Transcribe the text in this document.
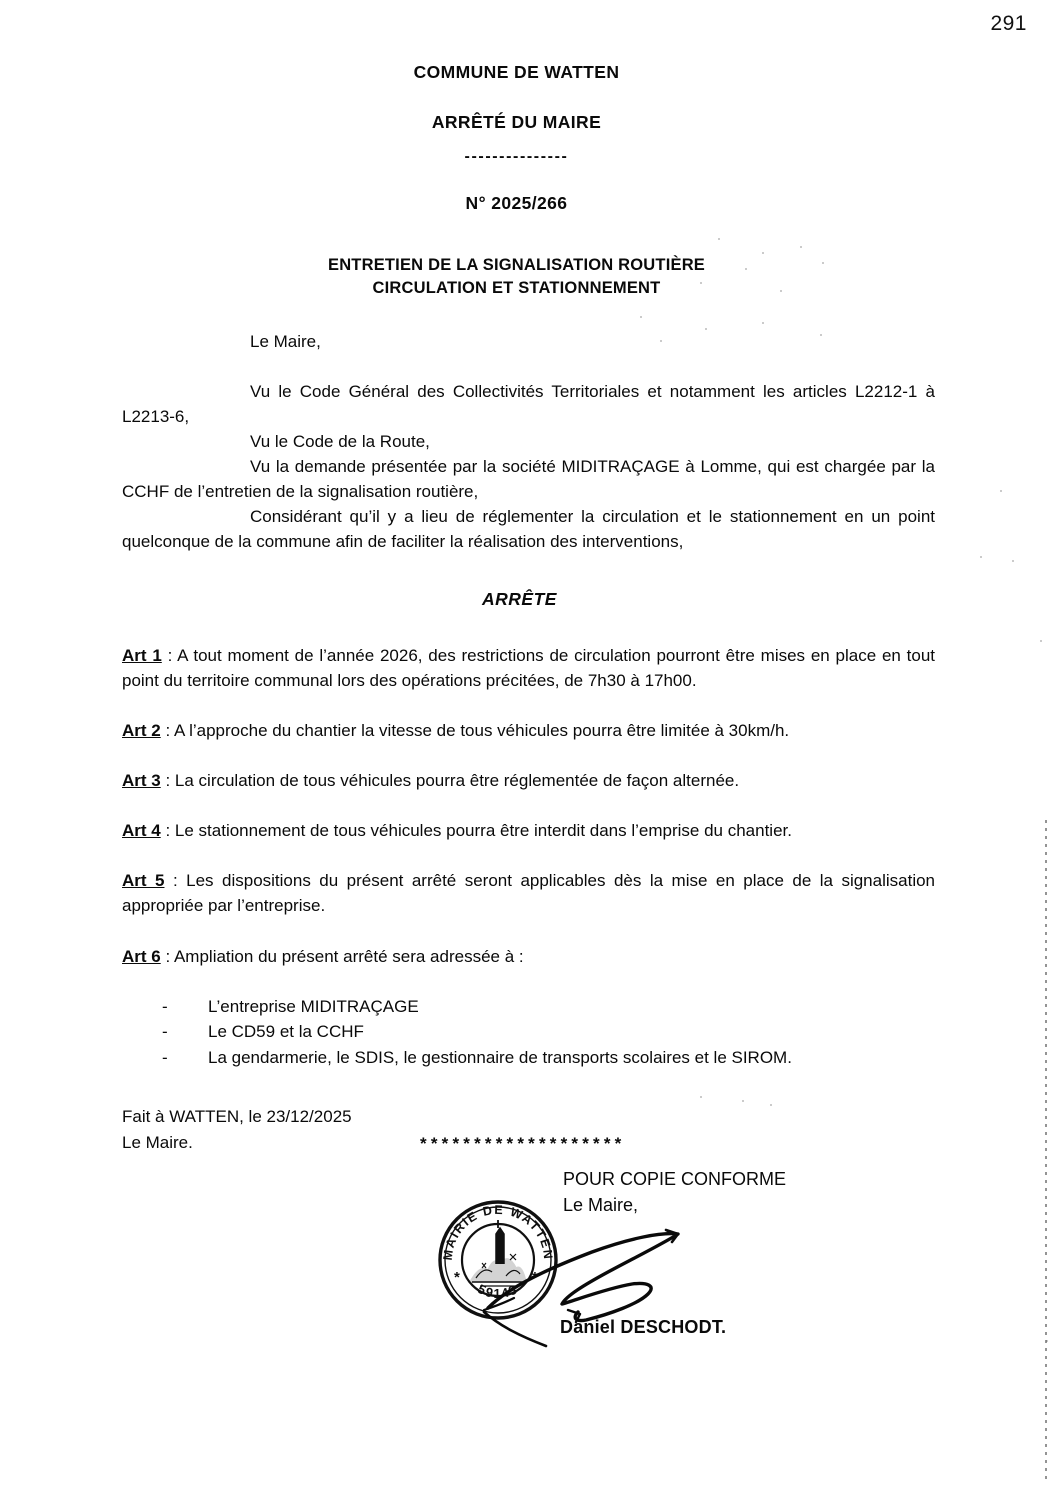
291
COMMUNE DE WATTEN
ARRÊTÉ DU MAIRE
---------------
N° 2025/266
ENTRETIEN DE LA SIGNALISATION ROUTIÈRE
CIRCULATION ET STATIONNEMENT
Le Maire,

Vu le Code Général des Collectivités Territoriales et notamment les articles L2212-1 à L2213-6,

Vu le Code de la Route,

Vu la demande présentée par la société MIDITRAÇAGE à Lomme, qui est chargée par la CCHF de l’entretien de la signalisation routière,

Considérant qu’il y a lieu de réglementer la circulation et le stationnement en un point quelconque de la commune afin de faciliter la réalisation des interventions,

ARRÊTE

Art 1 : A tout moment de l’année 2026, des restrictions de circulation pourront être mises en place en tout point du territoire communal lors des opérations précitées, de 7h30 à 17h00.

Art 2 : A l’approche du chantier la vitesse de tous véhicules pourra être limitée à 30km/h.

Art 3 : La circulation de tous véhicules pourra être réglementée de façon alternée.

Art 4 : Le stationnement de tous véhicules pourra être interdit dans l’emprise du chantier.

Art 5 : Les dispositions du présent arrêté seront applicables dès la mise en place de la signalisation appropriée par l’entreprise.

Art 6 : Ampliation du présent arrêté sera adressée à :

-	L’entreprise MIDITRAÇAGE
-	Le CD59 et la CCHF
-	La gendarmerie, le SDIS, le gestionnaire de transports scolaires et le SIROM.
Fait à WATTEN, le 23/12/2025
Le Maire.	*******************
POUR COPIE CONFORME
Le Maire,
MAIRIE DE WATTEN
59143
*	*
Daniel DESCHODT.
